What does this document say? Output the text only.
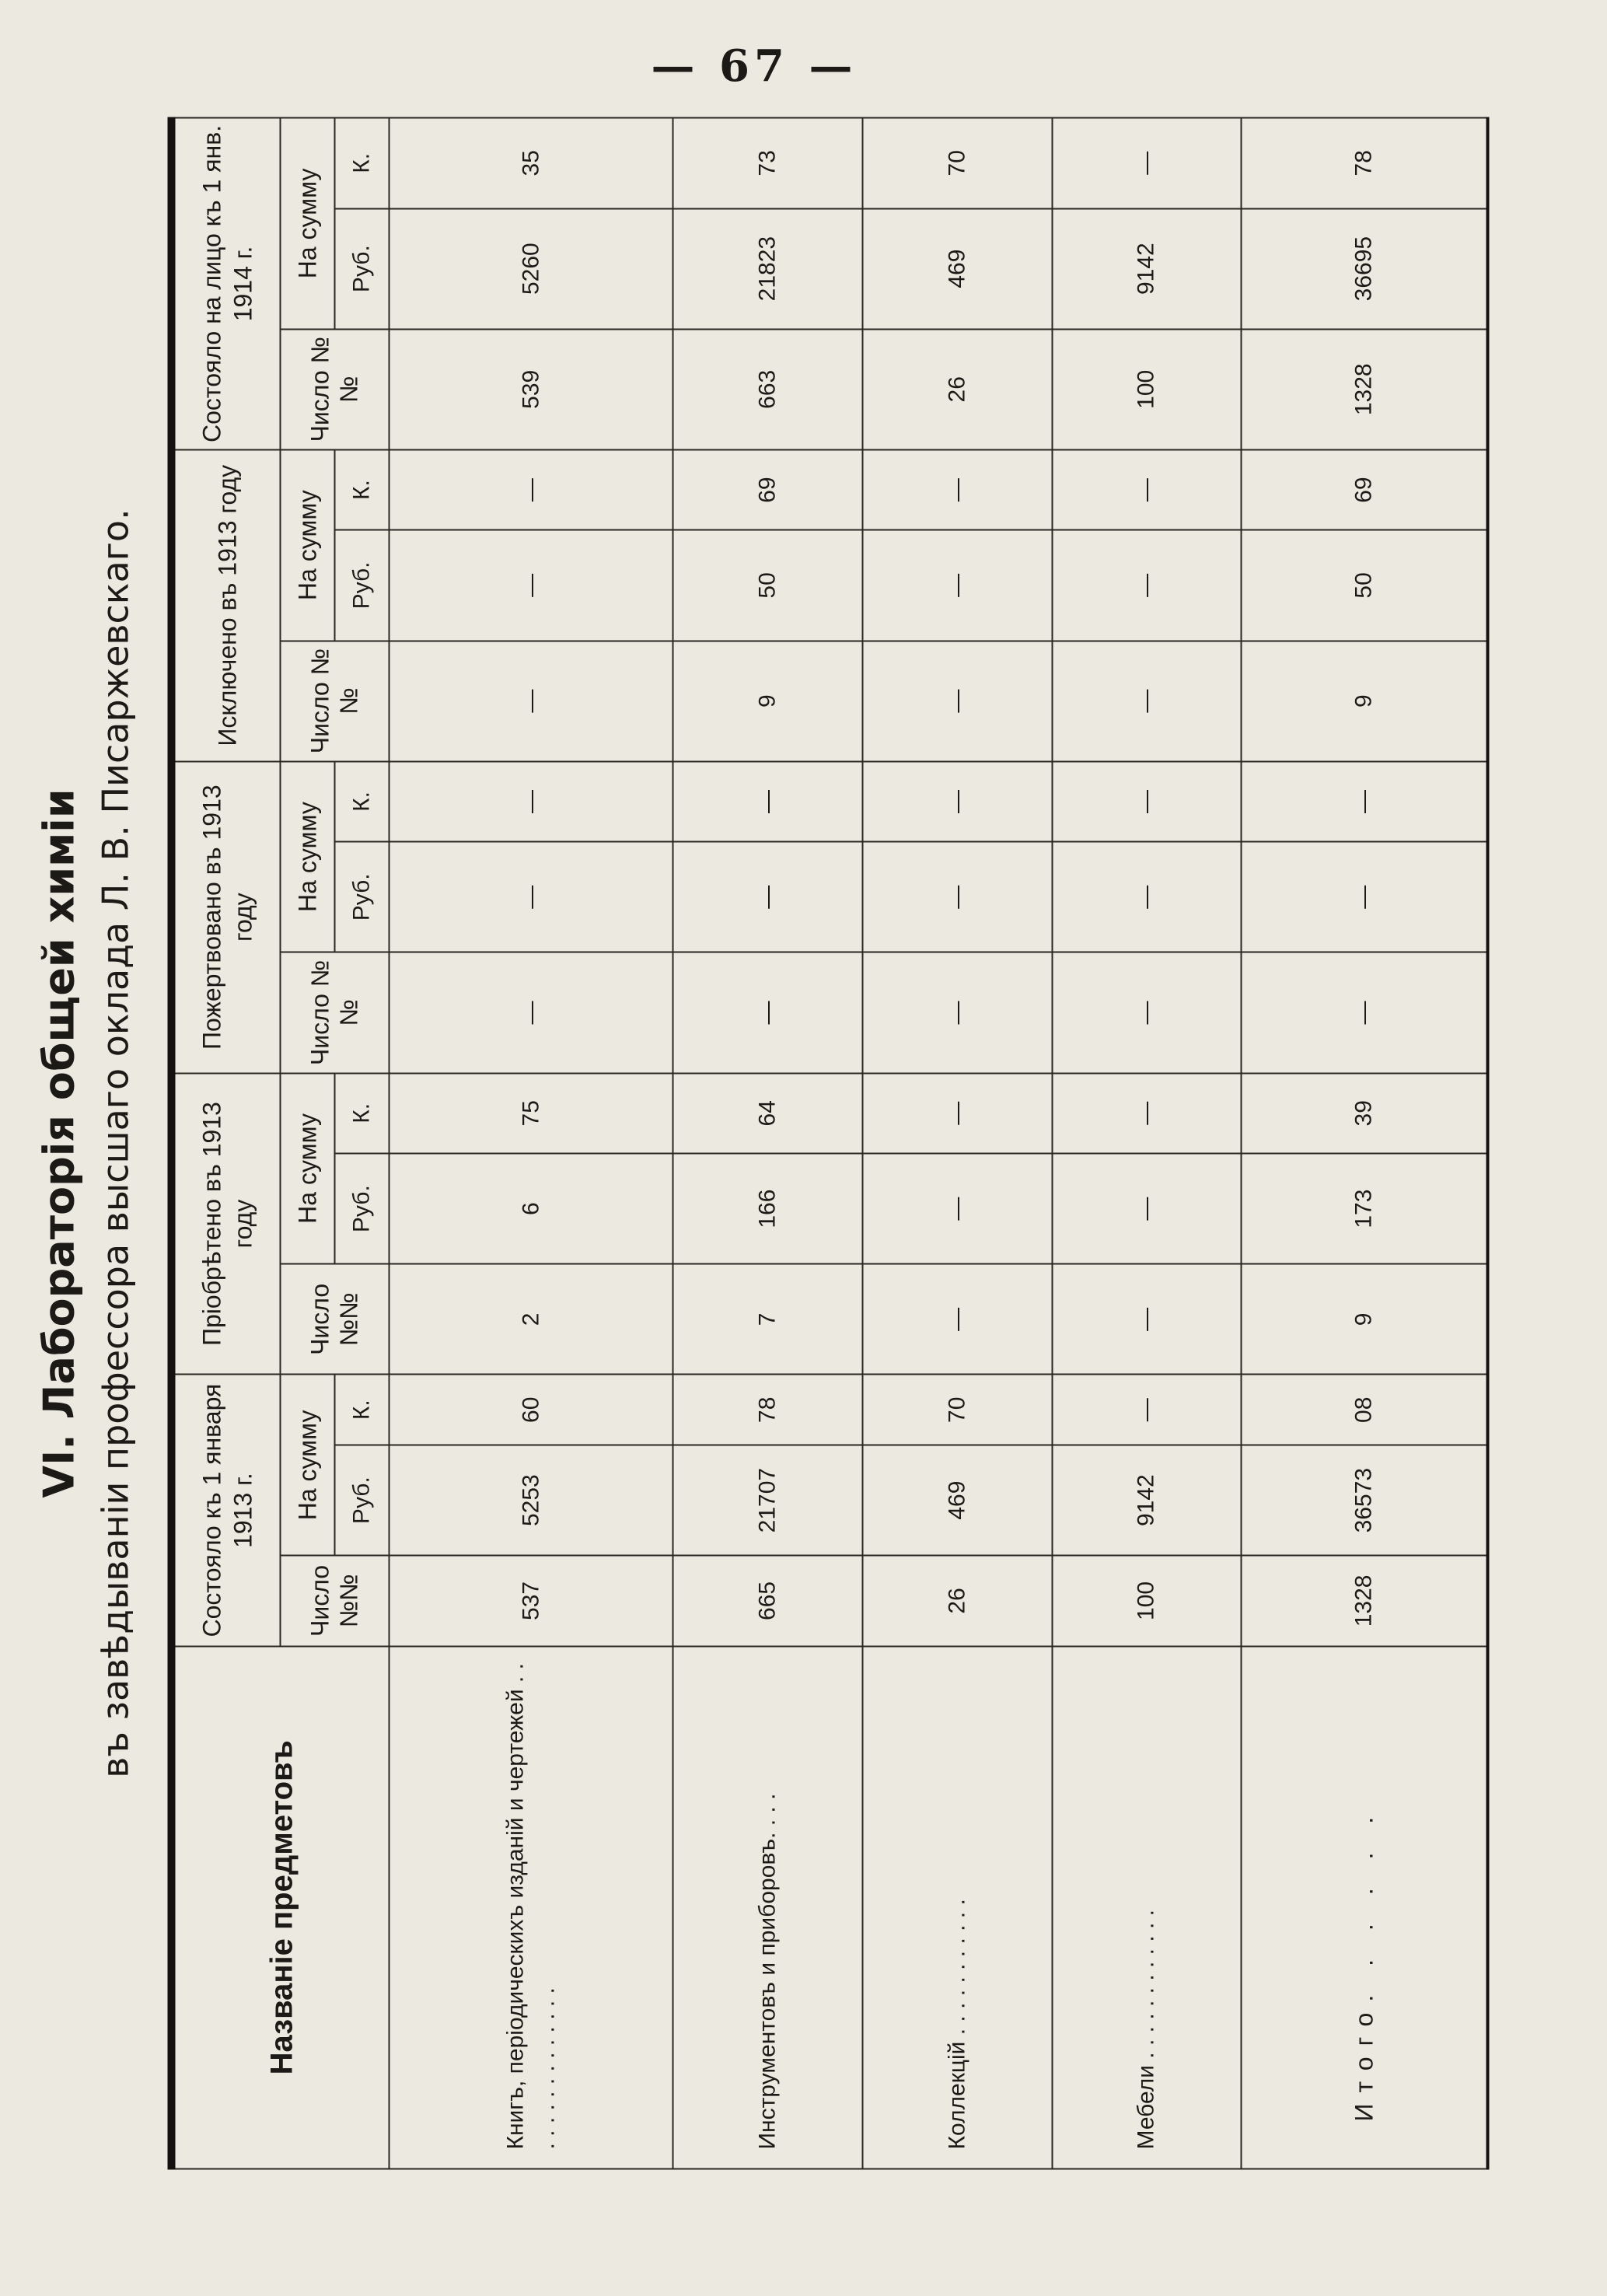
— 67 —
VI. Лабораторія общей химіи въ завѣдываніи профессора высшаго оклада Л. В. Писаржевскаго.
Названіе предметовъ	Состояло къ 1 января 1913 г.			Пріобрѣтено въ 1913 году			Пожертвовано въ 1913 году			Исключено въ 1913 году			Состояло на лицо къ 1 янв. 1914 г.		
	Число №№	На сумму		Число №№	На сумму		Число №№	На сумму		Число №№	На сумму		Число №№	На сумму	
		Руб.	К.		Руб.	К.		Руб.	К.		Руб.	К.		Руб.	К.
Книгъ, періодическихъ изданій и чертежей . . . . . . . . . . . . . . .	537	5253	60	2	6	75	—	—	—	—	—	—	539	5260	35
Инструментовъ и приборовъ. . . .	665	21707	78	7	166	64	—	—	—	9	50	69	663	21823	73
Коллекцій . . . . . . . . . . .	26	469	70	—	—	—	—	—	—	—	—	—	26	469	70
Мебели . . . . . . . . . . . .	100	9142	—	—	—	—	—	—	—	—	—	—	100	9142	—
Итого. . . . . .	1328	36573	08	9	173	39	—	—	—	9	50	69	1328	36695	78
